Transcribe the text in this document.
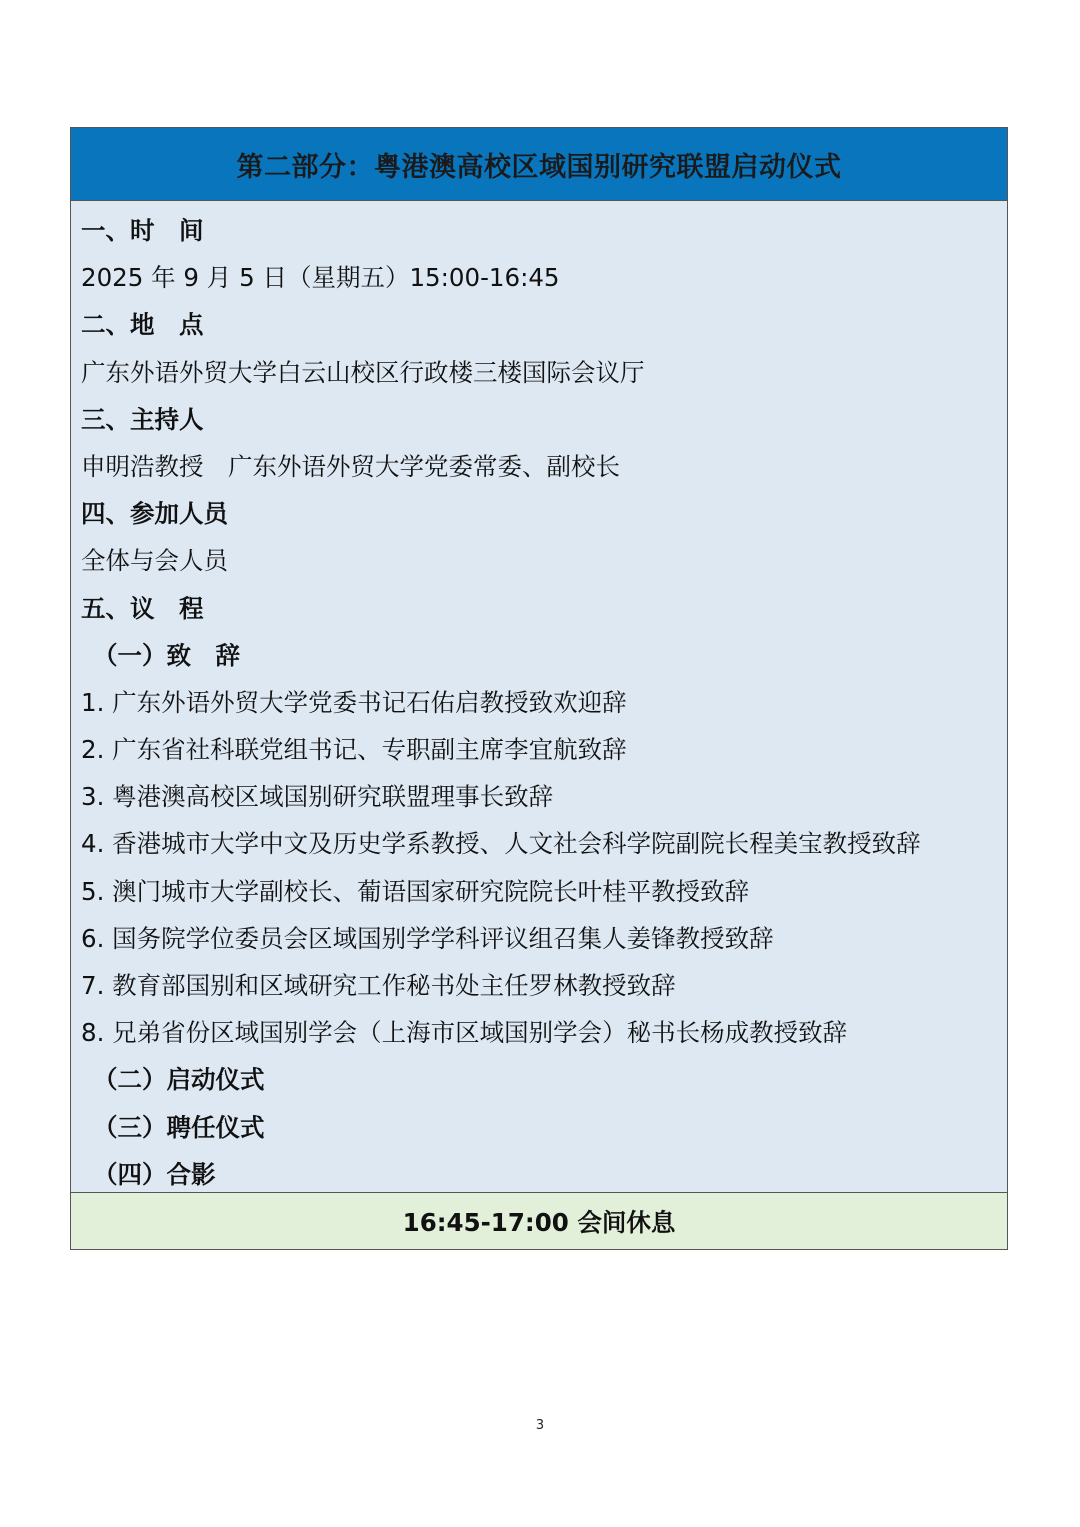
第二部分：粤港澳高校区域国别研究联盟启动仪式
一、时　间
2025 年 9 月 5 日（星期五）15:00-16:45
二、地　点
广东外语外贸大学白云山校区行政楼三楼国际会议厅
三、主持人
申明浩教授　广东外语外贸大学党委常委、副校长
四、参加人员
全体与会人员
五、议　程
（一）致　辞
1. 广东外语外贸大学党委书记石佑启教授致欢迎辞
2. 广东省社科联党组书记、专职副主席李宜航致辞
3. 粤港澳高校区域国别研究联盟理事长致辞
4. 香港城市大学中文及历史学系教授、人文社会科学院副院长程美宝教授致辞
5. 澳门城市大学副校长、葡语国家研究院院长叶桂平教授致辞
6. 国务院学位委员会区域国别学学科评议组召集人姜锋教授致辞
7. 教育部国别和区域研究工作秘书处主任罗林教授致辞
8. 兄弟省份区域国别学会（上海市区域国别学会）秘书长杨成教授致辞
（二）启动仪式
（三）聘任仪式
（四）合影
16:45-17:00 会间休息
3
